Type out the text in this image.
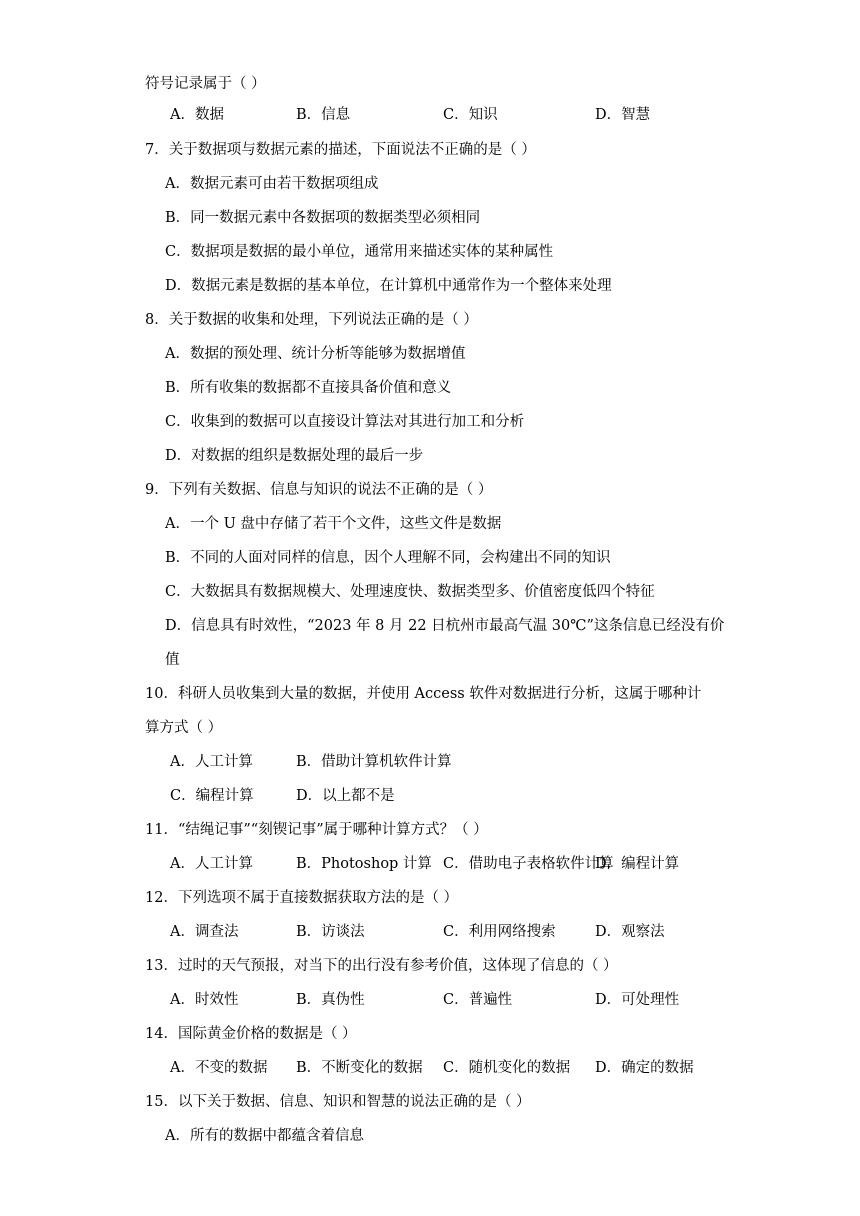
符号记录属于（ ）
A．数据	B．信息	C．知识	D．智慧
7．关于数据项与数据元素的描述，下面说法不正确的是（ ）
A．数据元素可由若干数据项组成
B．同一数据元素中各数据项的数据类型必须相同
C．数据项是数据的最小单位，通常用来描述实体的某种属性
D．数据元素是数据的基本单位，在计算机中通常作为一个整体来处理
8．关于数据的收集和处理，下列说法正确的是（ ）
A．数据的预处理、统计分析等能够为数据增值
B．所有收集的数据都不直接具备价值和意义
C．收集到的数据可以直接设计算法对其进行加工和分析
D．对数据的组织是数据处理的最后一步
9．下列有关数据、信息与知识的说法不正确的是（ ）
A．一个 U 盘中存储了若干个文件，这些文件是数据
B．不同的人面对同样的信息，因个人理解不同，会构建出不同的知识
C．大数据具有数据规模大、处理速度快、数据类型多、价值密度低四个特征
D．信息具有时效性，“2023 年 8 月 22 日杭州市最高气温 30℃”这条信息已经没有价
值
10．科研人员收集到大量的数据，并使用 Access 软件对数据进行分析，这属于哪种计
算方式（ ）
A．人工计算	B．借助计算机软件计算
C．编程计算	D．以上都不是
11．“结绳记事”“刻锲记事”属于哪种计算方式？（ ）
A．人工计算	B．Photoshop 计算 C．借助电子表格软件计算
D．编程计算
12．下列选项不属于直接数据获取方法的是（ ）
A．调查法	B．访谈法	C．利用网络搜索	D．观察法
13．过时的天气预报，对当下的出行没有参考价值，这体现了信息的（ ）
A．时效性	B．真伪性	C．普遍性	D．可处理性
14．国际黄金价格的数据是（ ）
A．不变的数据 B．不断变化的数据 C．随机变化的数据 D．确定的数据
15．以下关于数据、信息、知识和智慧的说法正确的是（ ）
A．所有的数据中都蕴含着信息
